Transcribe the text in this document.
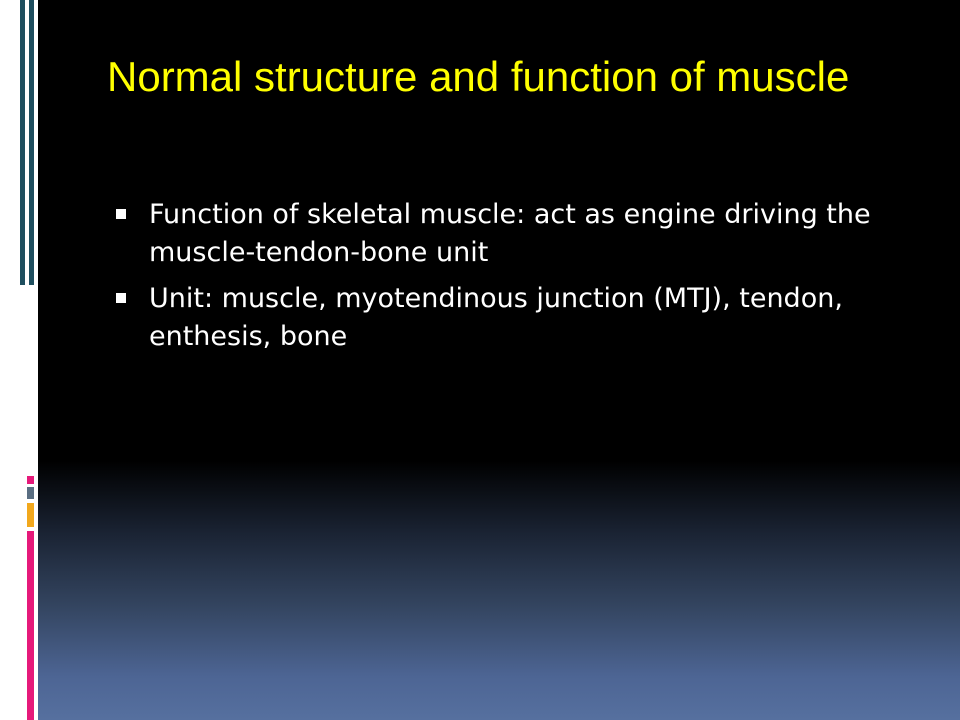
Normal structure and function of muscle
Function of skeletal muscle: act as engine driving the muscle-tendon-bone unit
Unit: muscle, myotendinous junction (MTJ), tendon, enthesis, bone
